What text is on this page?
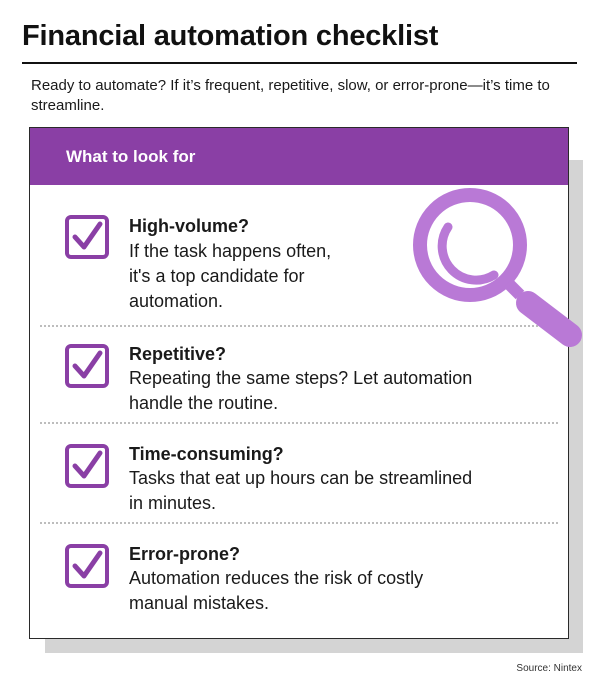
Financial automation checklist
Ready to automate? If it’s frequent, repetitive, slow, or error-prone—it’s time to streamline.
What to look for
High-volume?
If the task happens often,
it's a top candidate for
automation.
Repetitive?
Repeating the same steps? Let automation
handle the routine.
Time-consuming?
Tasks that eat up hours can be streamlined
in minutes.
Error-prone?
Automation reduces the risk of costly
manual mistakes.
Source: Nintex
